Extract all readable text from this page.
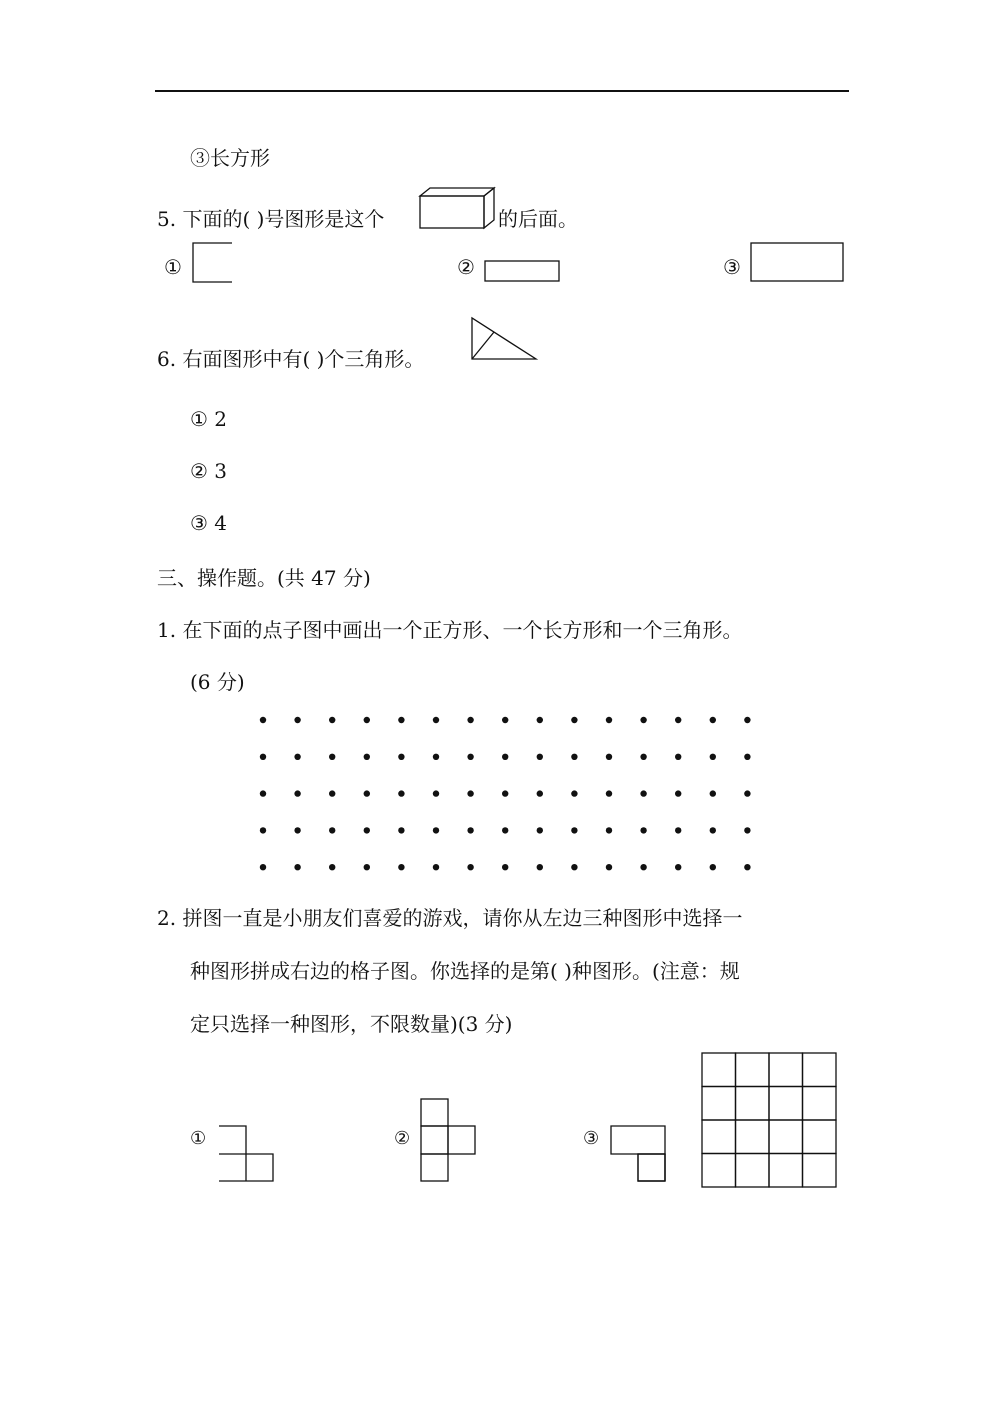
③长方形
5. 下面的( )号图形是这个	的后面。
①	②	③
6. 右面图形中有( )个三角形。
① 2
② 3
③ 4
三、操作题。(共 47 分)
1. 在下面的点子图中画出一个正方形、一个长方形和一个三角形。
(6 分)
2. 拼图一直是小朋友们喜爱的游戏，请你从左边三种图形中选择一
种图形拼成右边的格子图。你选择的是第( )种图形。(注意：规
定只选择一种图形，不限数量)(3 分)
①	②	③
